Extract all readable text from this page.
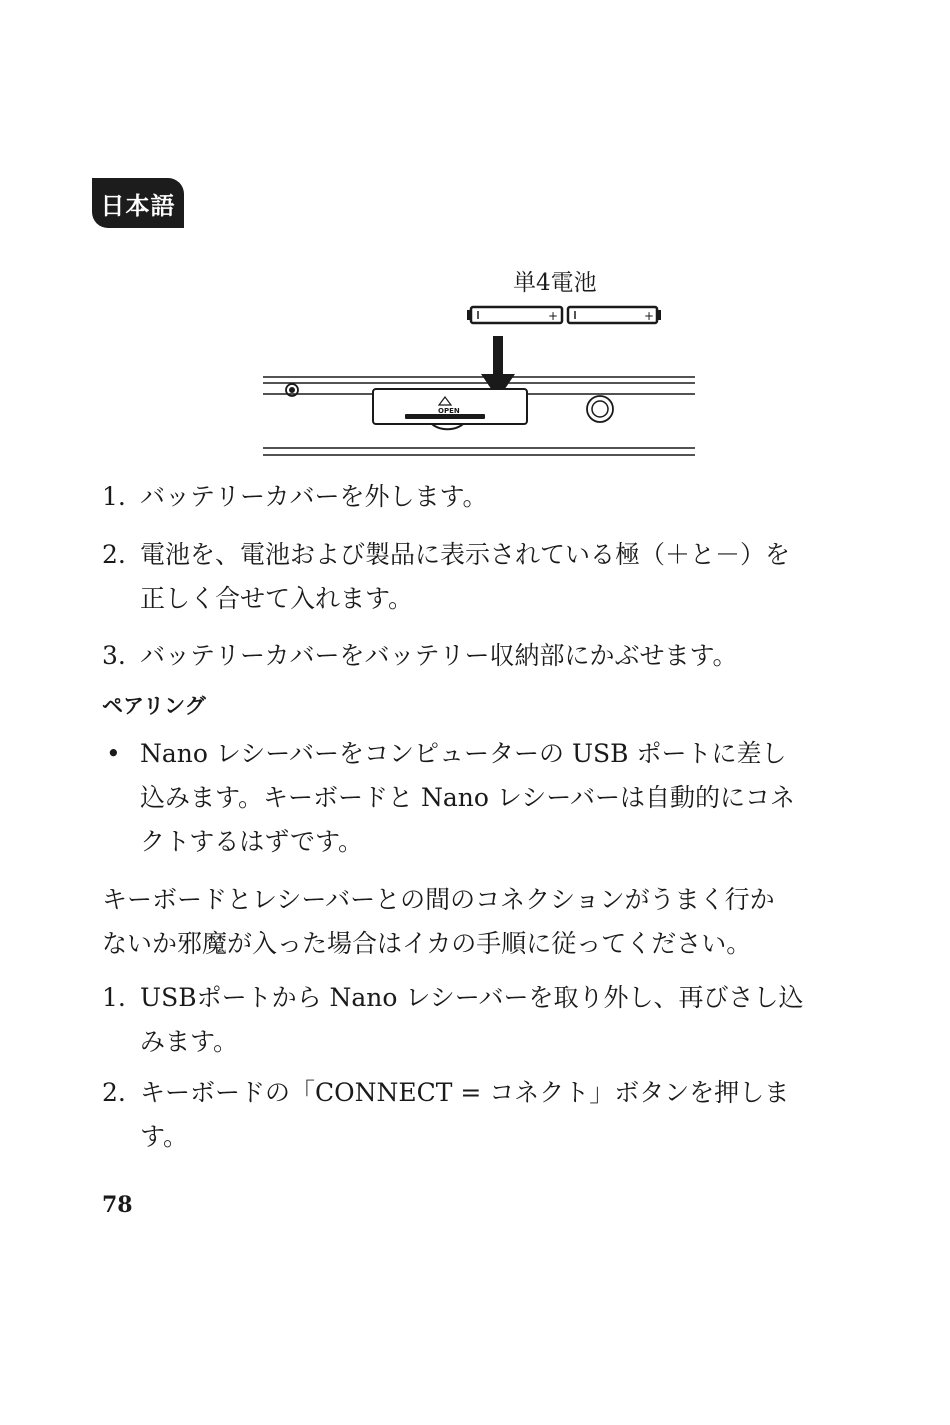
日本語
単4電池
+	+
OPEN
1. バッテリーカバーを外します。
2. 電池を、電池および製品に表示されている極（＋と－）を
正しく合せて入れます。
3. バッテリーカバーをバッテリー収納部にかぶせます。
ペアリング
• Nano レシーバーをコンピューターの USB ポートに差し
込みます。キーボードと Nano レシーバーは自動的にコネ
クトするはずです。
キーボードとレシーバーとの間のコネクションがうまく行か
ないか邪魔が入った場合はイカの手順に従ってください。
1. USBポートから Nano レシーバーを取り外し、再びさし込
みます。
2. キーボードの「CONNECT = コネクト」ボタンを押しま
す。
78
